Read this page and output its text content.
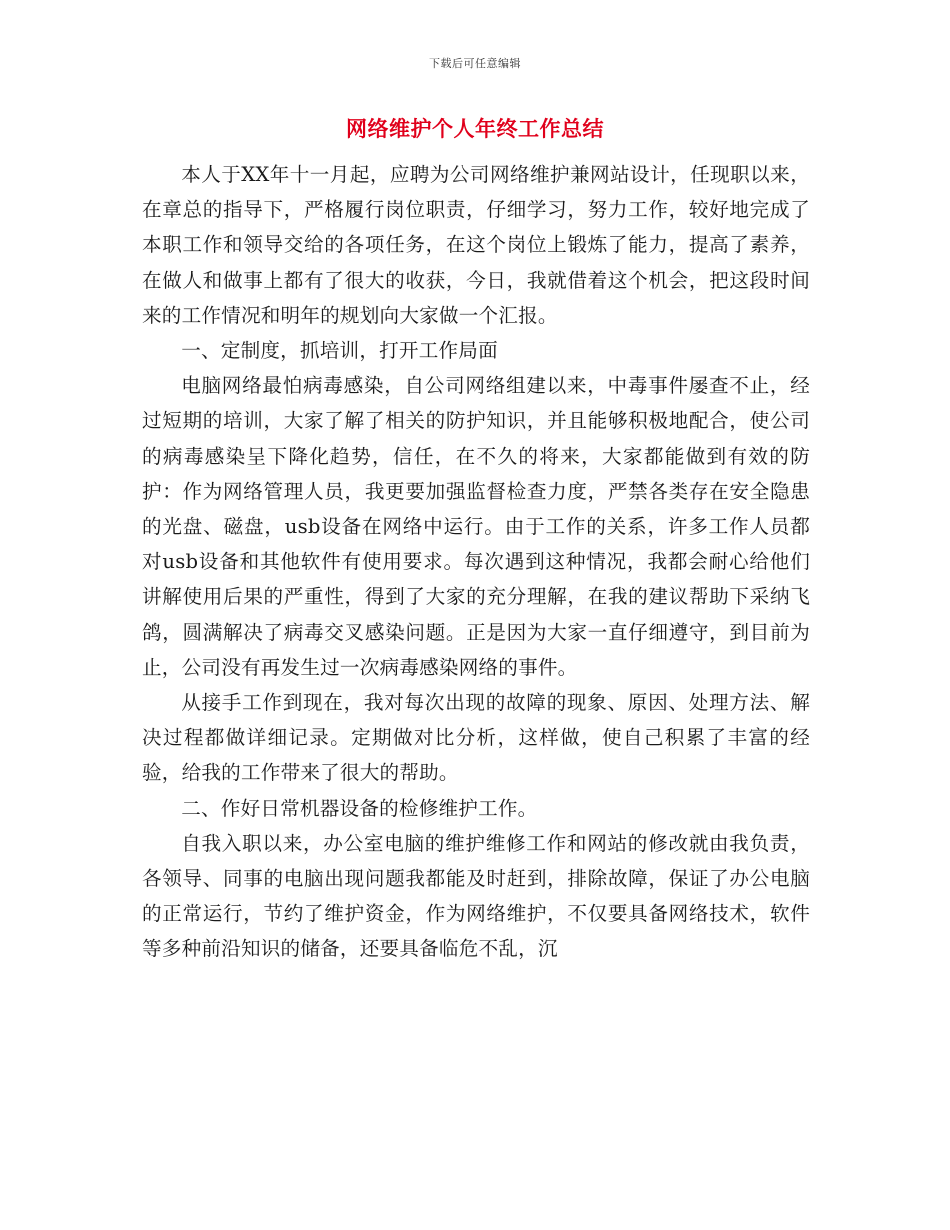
下载后可任意编辑
网络维护个人年终工作总结

本人于XX年十一月起，应聘为公司网络维护兼网站设计，任现职以来，在章总的指导下，严格履行岗位职责，仔细学习，努力工作，较好地完成了本职工作和领导交给的各项任务，在这个岗位上锻炼了能力，提高了素养，在做人和做事上都有了很大的收获，今日，我就借着这个机会，把这段时间来的工作情况和明年的规划向大家做一个汇报。

一、定制度，抓培训，打开工作局面

电脑网络最怕病毒感染，自公司网络组建以来，中毒事件屡查不止，经过短期的培训，大家了解了相关的防护知识，并且能够积极地配合，使公司的病毒感染呈下降化趋势，信任，在不久的将来，大家都能做到有效的防护：作为网络管理人员，我更要加强监督检查力度，严禁各类存在安全隐患的光盘、磁盘，usb设备在网络中运行。由于工作的关系，许多工作人员都对usb设备和其他软件有使用要求。每次遇到这种情况，我都会耐心给他们讲解使用后果的严重性，得到了大家的充分理解，在我的建议帮助下采纳飞鸽，圆满解决了病毒交叉感染问题。正是因为大家一直仔细遵守，到目前为止，公司没有再发生过一次病毒感染网络的事件。

从接手工作到现在，我对每次出现的故障的现象、原因、处理方法、解决过程都做详细记录。定期做对比分析，这样做，使自己积累了丰富的经验，给我的工作带来了很大的帮助。

二、作好日常机器设备的检修维护工作。

自我入职以来，办公室电脑的维护维修工作和网站的修改就由我负责，各领导、同事的电脑出现问题我都能及时赶到，排除故障，保证了办公电脑的正常运行，节约了维护资金，作为网络维护，不仅要具备网络技术，软件等多种前沿知识的储备，还要具备临危不乱，沉
